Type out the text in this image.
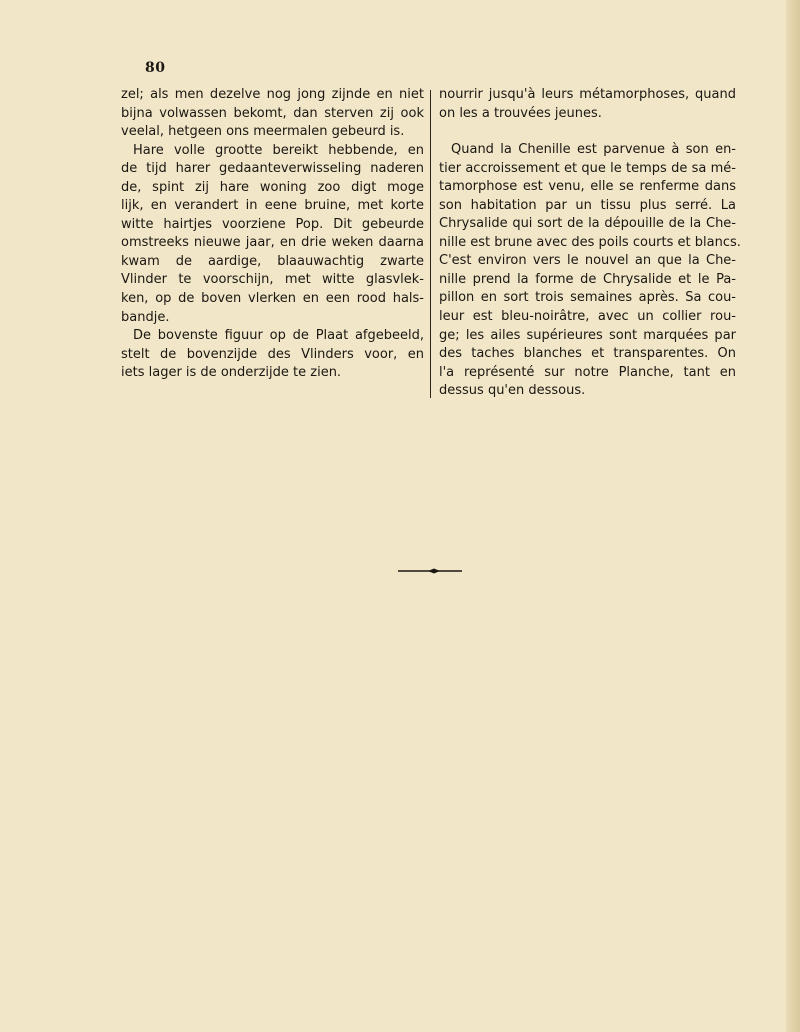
80
zel; als men dezelve nog jong zijnde en niet
bijna volwassen bekomt, dan sterven zij ook
veelal, hetgeen ons meermalen gebeurd is.
Hare volle grootte bereikt hebbende, en
de tijd harer gedaanteverwisseling naderen
de, spint zij hare woning zoo digt moge
lijk, en verandert in eene bruine, met korte
witte hairtjes voorziene Pop. Dit gebeurde
omstreeks nieuwe jaar, en drie weken daarna
kwam de aardige, blaauwachtig zwarte
Vlinder te voorschijn, met witte glasvlek-
ken, op de boven vlerken en een rood hals-
bandje.
De bovenste figuur op de Plaat afgebeeld,
stelt de bovenzijde des Vlinders voor, en
iets lager is de onderzijde te zien.
nourrir jusqu'à leurs métamorphoses, quand
on les a trouvées jeunes.
Quand la Chenille est parvenue à son en-
tier accroissement et que le temps de sa mé-
tamorphose est venu, elle se renferme dans
son habitation par un tissu plus serré. La
Chrysalide qui sort de la dépouille de la Che-
nille est brune avec des poils courts et blancs.
C'est environ vers le nouvel an que la Che-
nille prend la forme de Chrysalide et le Pa-
pillon en sort trois semaines après. Sa cou-
leur est bleu-noirâtre, avec un collier rou-
ge; les ailes supérieures sont marquées par
des taches blanches et transparentes. On
l'a représenté sur notre Planche, tant en
dessus qu'en dessous.
